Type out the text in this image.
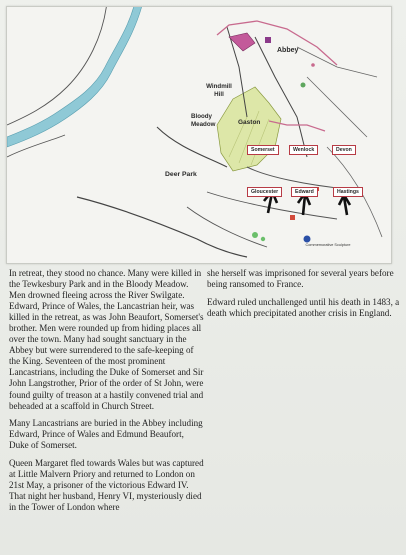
Abbey
Windmill Hill
Bloody Meadow	Gaston
Deer Park
Somerset	Wenlock	Devon
Gloucester	Edward	Hastings
Commemorative Sculpture

In retreat, they stood no chance. Many were killed in the Tewkesbury Park and in the Bloody Meadow. Men drowned fleeing across the River Swilgate. Edward, Prince of Wales, the Lancastrian heir, was killed in the retreat, as was John Beaufort, Somerset's brother. Men were rounded up from hiding places all over the town. Many had sought sanctuary in the Abbey but were surrendered to the safe-keeping of the King. Seventeen of the most prominent Lancastrians, including the Duke of Somerset and Sir John Langstrother, Prior of the order of St John, were found guilty of treason at a hastily convened trial and beheaded at a scaffold in Church Street.

Many Lancastrians are buried in the Abbey including Edward, Prince of Wales and Edmund Beaufort, Duke of Somerset.

Queen Margaret fled towards Wales but was captured at Little Malvern Priory and returned to London on 21st May, a prisoner of the victorious Edward IV. That night her husband, Henry VI, mysteriously died in the Tower of London where

she herself was imprisoned for several years before being ransomed to France.

Edward ruled unchallenged until his death in 1483, a death which precipitated another crisis in England.
